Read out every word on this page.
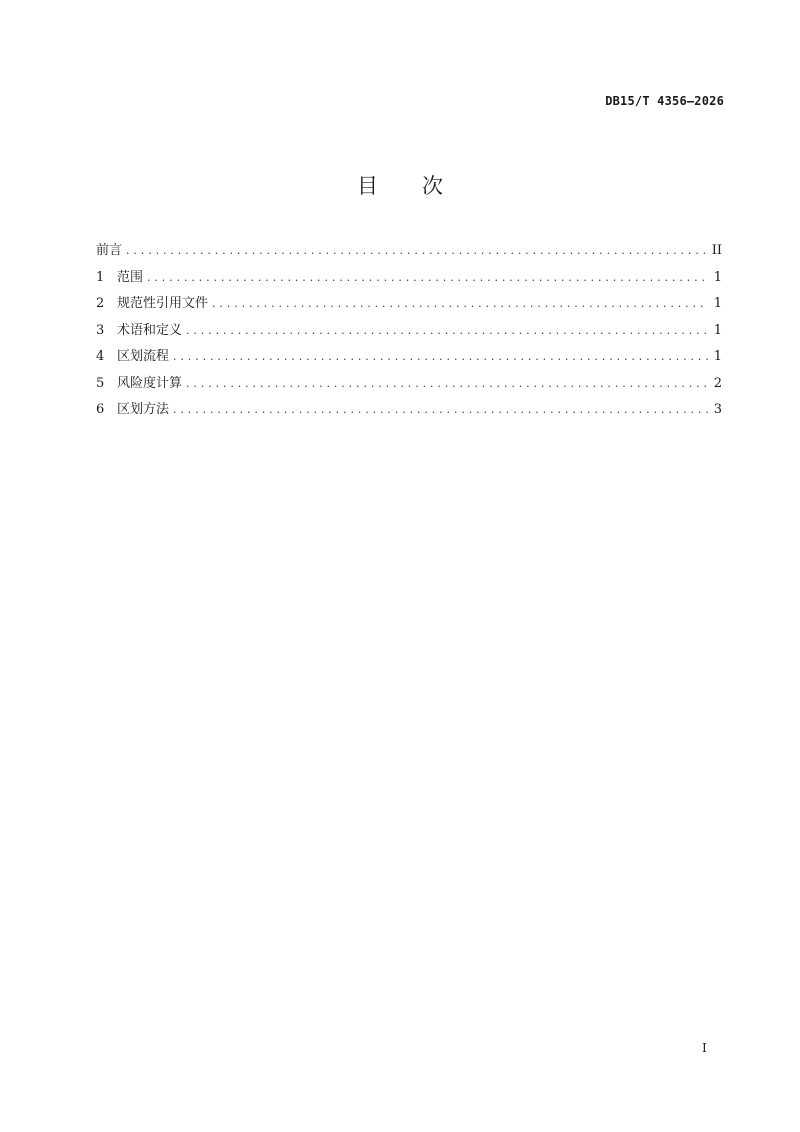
DB15/T 4356—2026
目 次
前言 . . .	II
1 范围 . . .	1
2 规范性引用文件 . . .	1
3 术语和定义 . . .	1
4 区划流程 . . .	1
5 风险度计算 . . .	2
6 区划方法 . . .	3
I
